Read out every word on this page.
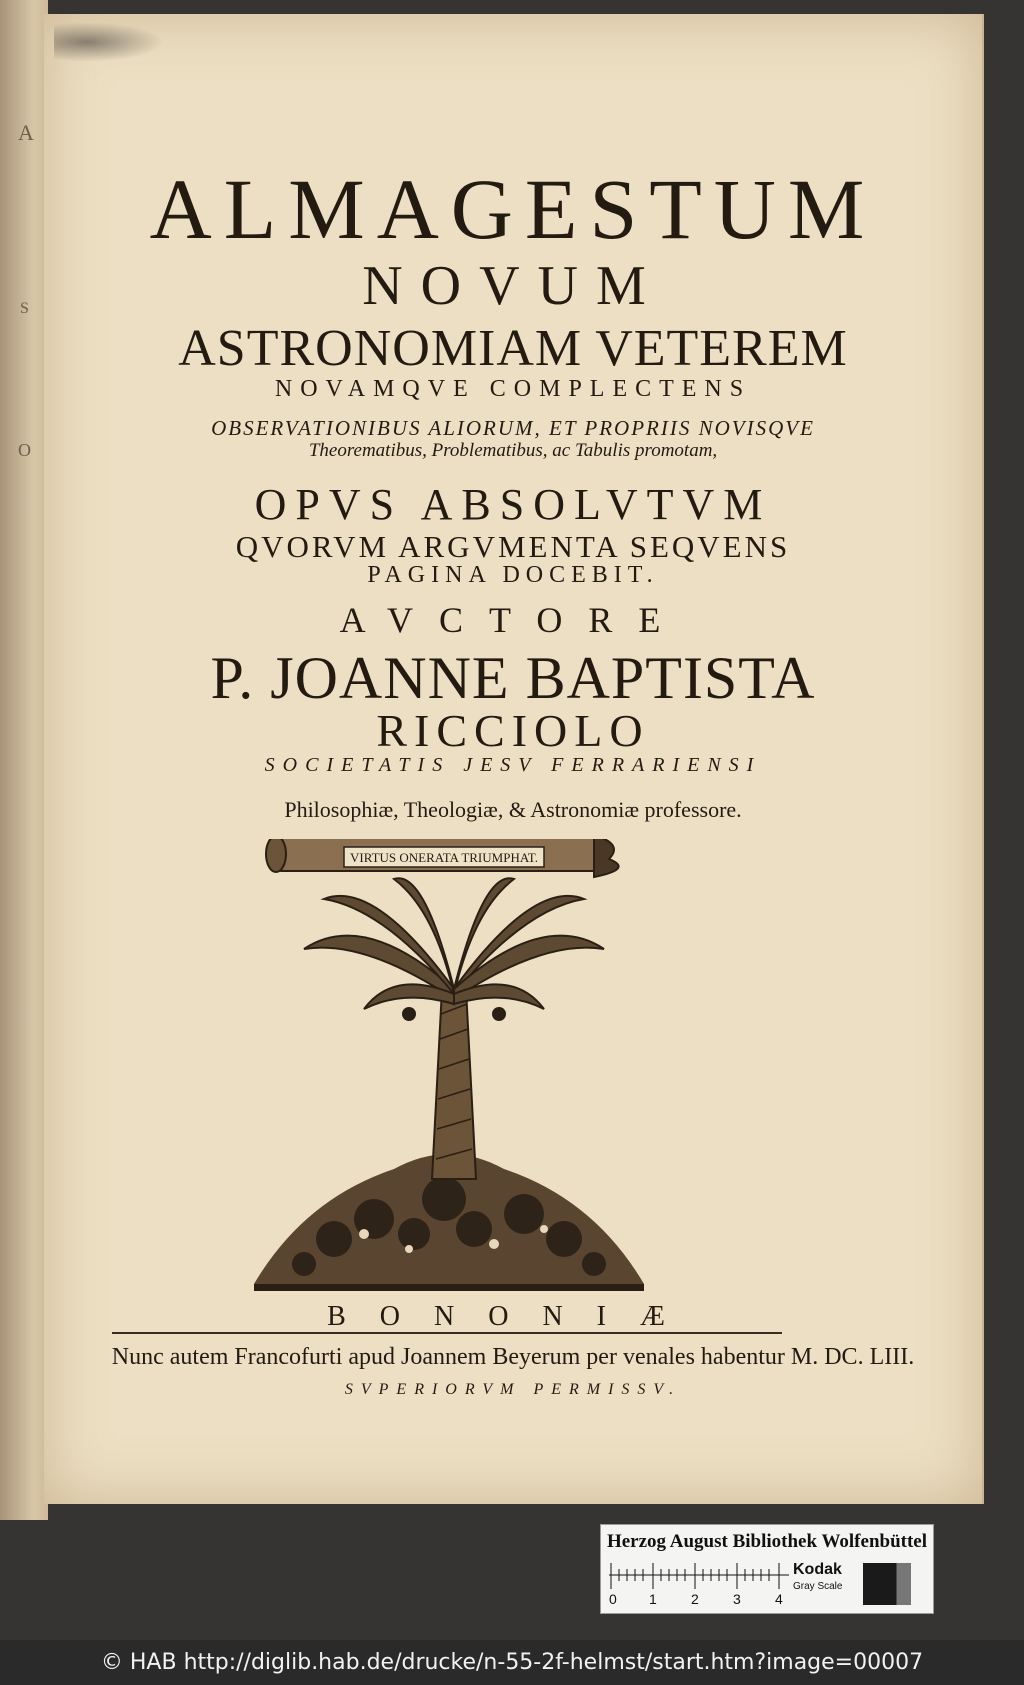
A
S
O
ALMAGESTUM
NOVUM
ASTRONOMIAM VETEREM
NOVAMQVE COMPLECTENS
OBSERVATIONIBUS ALIORUM, ET PROPRIIS NOVISQVE
Theorematibus, Problematibus, ac Tabulis promotam,
OPVS ABSOLVTVM
QVORVM ARGVMENTA SEQVENS
PAGINA DOCEBIT.
AVCTORE
P. JOANNE BAPTISTA
RICCIOLO
SOCIETATIS JESV FERRARIENSI
Philosophiæ, Theologiæ, & Astronomiæ professore.
VIRTUS ONERATA TRIUMPHAT.
BONONIÆ
Nunc autem Francofurti apud Joannem Beyerum per venales habentur M. DC. LIII.
SVPERIORVM PERMISSV.
Herzog August Bibliothek Wolfenbüttel
0 1 2 3 4
Kodak
Gray Scale
© HAB http://diglib.hab.de/drucke/n-55-2f-helmst/start.htm?image=00007
